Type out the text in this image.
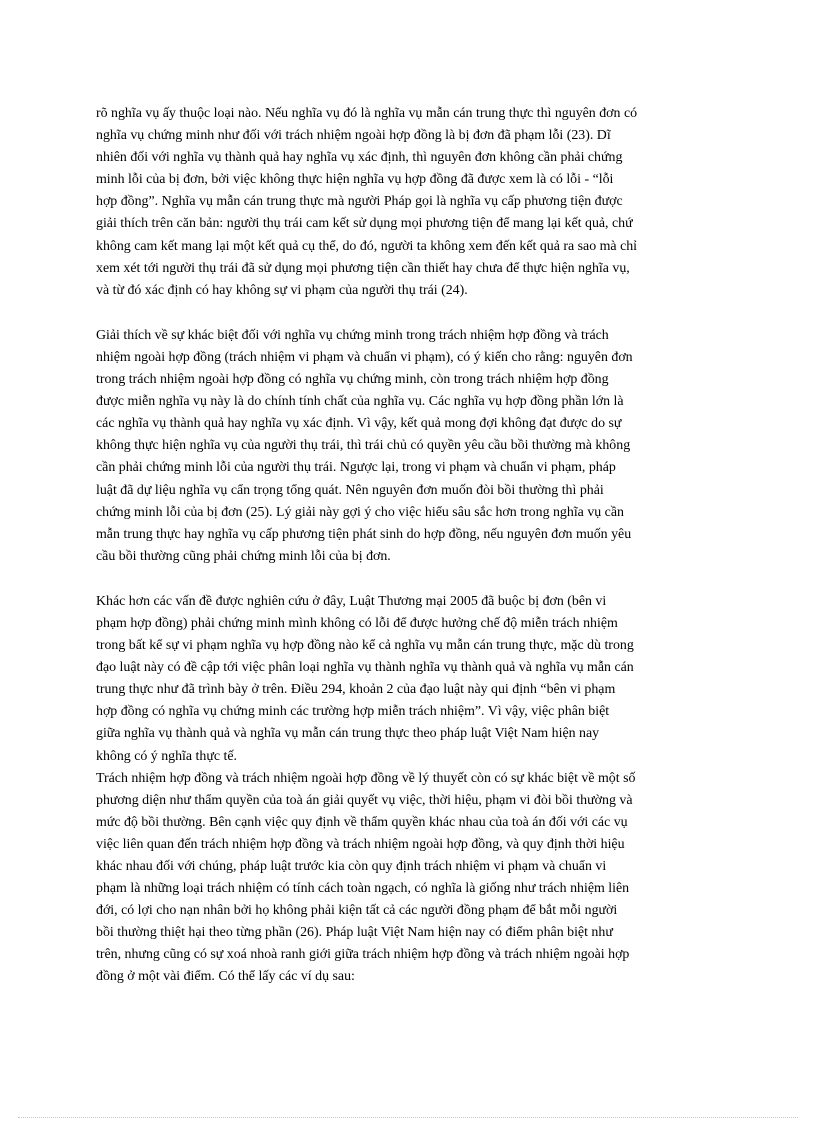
rõ nghĩa vụ ấy thuộc loại nào. Nếu nghĩa vụ đó là nghĩa vụ mẫn cán trung thực thì nguyên đơn có
nghĩa vụ chứng minh như đối với trách nhiệm ngoài hợp đồng là bị đơn đã phạm lỗi (23). Dĩ
nhiên đối với nghĩa vụ thành quả hay nghĩa vụ xác định, thì nguyên đơn không cần phải chứng
minh lỗi của bị đơn, bởi việc không thực hiện nghĩa vụ hợp đồng đã được xem là có lỗi - “lỗi
hợp đồng”. Nghĩa vụ mẫn cán trung thực mà người Pháp gọi là nghĩa vụ cấp phương tiện được
giải thích trên căn bản: người thụ trái cam kết sử dụng mọi phương tiện để mang lại kết quả, chứ
không cam kết mang lại một kết quả cụ thể, do đó, người ta không xem đến kết quả ra sao mà chỉ
xem xét tới người thụ trái đã sử dụng mọi phương tiện cần thiết hay chưa để thực hiện nghĩa vụ,
và từ đó xác định có hay không sự vi phạm của người thụ trái (24).
Giải thích về sự khác biệt đối với nghĩa vụ chứng minh trong trách nhiệm hợp đồng và trách
nhiệm ngoài hợp đồng (trách nhiệm vi phạm và chuẩn vi phạm), có ý kiến cho rằng: nguyên đơn
trong trách nhiệm ngoài hợp đồng có nghĩa vụ chứng minh, còn trong trách nhiệm hợp đồng
được miễn nghĩa vụ này là do chính tính chất của nghĩa vụ. Các nghĩa vụ hợp đồng phần lớn là
các nghĩa vụ thành quả hay nghĩa vụ xác định. Vì vậy, kết quả mong đợi không đạt được do sự
không thực hiện nghĩa vụ của người thụ trái, thì trái chủ có quyền yêu cầu bồi thường mà không
cần phải chứng minh lỗi của người thụ trái. Ngược lại, trong vi phạm và chuẩn vi phạm, pháp
luật đã dự liệu nghĩa vụ cẩn trọng tổng quát. Nên nguyên đơn muốn đòi bồi thường thì phải
chứng minh lỗi của bị đơn (25). Lý giải này gợi ý cho việc hiểu sâu sắc hơn trong nghĩa vụ cần
mẫn trung thực hay nghĩa vụ cấp phương tiện phát sinh do hợp đồng, nếu nguyên đơn muốn yêu
cầu bồi thường cũng phải chứng minh lỗi của bị đơn.
Khác hơn các vấn đề được nghiên cứu ở đây, Luật Thương mại 2005 đã buộc bị đơn (bên vi
phạm hợp đồng) phải chứng minh mình không có lỗi để được hưởng chế độ miễn trách nhiệm
trong bất kể sự vi phạm nghĩa vụ hợp đồng nào kể cả nghĩa vụ mẫn cán trung thực, mặc dù trong
đạo luật này có đề cập tới việc phân loại nghĩa vụ thành nghĩa vụ thành quả và nghĩa vụ mẫn cán
trung thực như đã trình bày ở trên. Điều 294, khoản 2 của đạo luật này qui định “bên vi phạm
hợp đồng có nghĩa vụ chứng minh các trường hợp miễn trách nhiệm”. Vì vậy, việc phân biệt
giữa nghĩa vụ thành quả và nghĩa vụ mẫn cán trung thực theo pháp luật Việt Nam hiện nay
không có ý nghĩa thực tế.
Trách nhiệm hợp đồng và trách nhiệm ngoài hợp đồng về lý thuyết còn có sự khác biệt về một số
phương diện như thẩm quyền của toà án giải quyết vụ việc, thời hiệu, phạm vi đòi bồi thường và
mức độ bồi thường. Bên cạnh việc quy định về thẩm quyền khác nhau của toà án đối với các vụ
việc liên quan đến trách nhiệm hợp đồng và trách nhiệm ngoài hợp đồng, và quy định thời hiệu
khác nhau đối với chúng, pháp luật trước kia còn quy định trách nhiệm vi phạm và chuẩn vi
phạm là những loại trách nhiệm có tính cách toàn ngạch, có nghĩa là giống như trách nhiệm liên
đới, có lợi cho nạn nhân bởi họ không phải kiện tất cả các người đồng phạm để bắt mỗi người
bồi thường thiệt hại theo từng phần (26). Pháp luật Việt Nam hiện nay có điểm phân biệt như
trên, nhưng cũng có sự xoá nhoà ranh giới giữa trách nhiệm hợp đồng và trách nhiệm ngoài hợp
đồng ở một vài điểm. Có thể lấy các ví dụ sau:
